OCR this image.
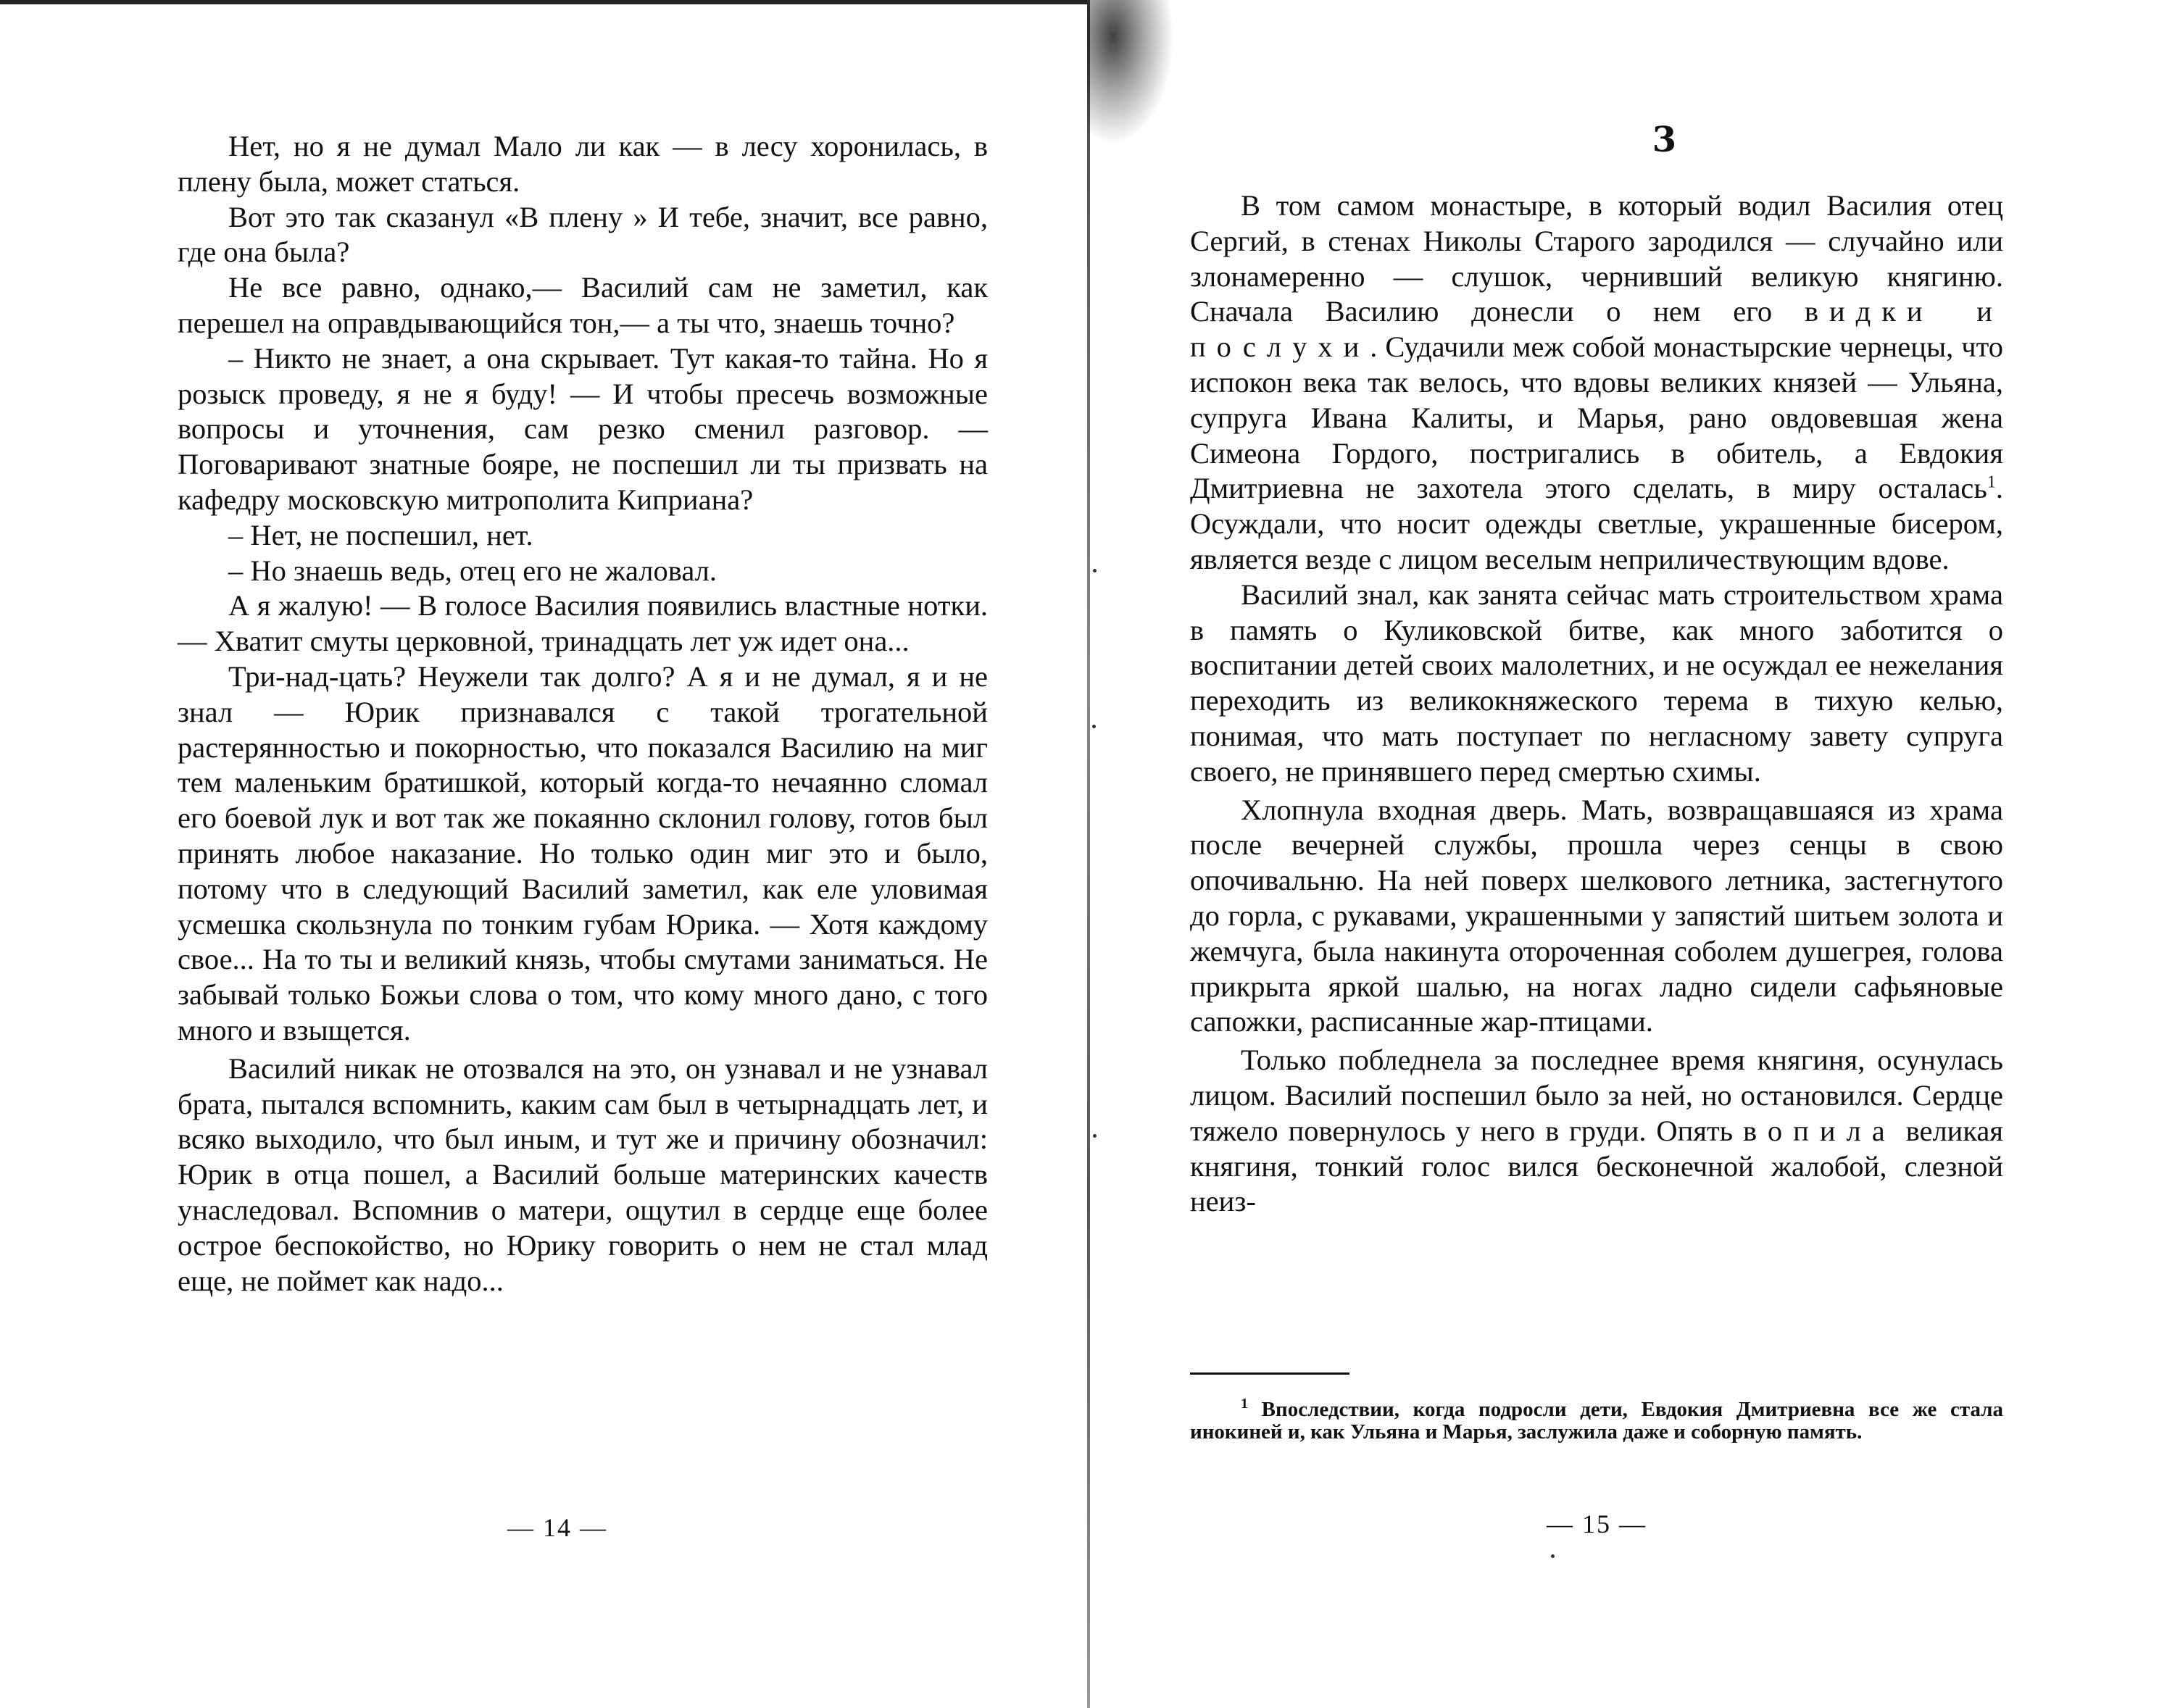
Нет, но я не думал Мало ли как — в лесу хоронилась, в плену была, может статься.

Вот это так сказанул «В плену » И тебе, значит, все равно, где она была?

Не все равно, однако,— Василий сам не заметил, как перешел на оправдывающийся тон,— а ты что, знаешь точно?

– Никто не знает, а она скрывает. Тут какая-то тайна. Но я розыск проведу, я не я буду! — И чтобы пресечь возможные вопросы и уточнения, сам резко сменил разговор. — Поговаривают знатные бояре, не поспешил ли ты призвать на кафедру московскую митрополита Киприана?

– Нет, не поспешил, нет.

– Но знаешь ведь, отец его не жаловал.

А я жалую! — В голосе Василия появились властные нотки.— Хватит смуты церковной, тринадцать лет уж идет она...

Три-над-цать? Неужели так долго? А я и не думал, я и не знал — Юрик признавался с такой трогательной растерянностью и покорностью, что показался Василию на миг тем маленьким братишкой, который когда-то нечаянно сломал его боевой лук и вот так же покаянно склонил голову, готов был принять любое наказание. Но только один миг это и было, потому что в следующий Василий заметил, как еле уловимая усмешка скользнула по тонким губам Юрика. — Хотя каждому свое... На то ты и великий князь, чтобы смутами заниматься. Не забывай только Божьи слова о том, что кому много дано, с того много и взыщется.

Василий никак не отозвался на это, он узнавал и не узнавал брата, пытался вспомнить, каким сам был в четырнадцать лет, и всяко выходило, что был иным, и тут же и причину обозначил: Юрик в отца пошел, а Василий больше материнских качеств унаследовал. Вспомнив о матери, ощутил в сердце еще более острое беспокойство, но Юрику говорить о нем не стал млад еще, не поймет как надо...

— 14 —
3

В том самом монастыре, в который водил Василия отец Сергий, в стенах Николы Старого зародился — случайно или злонамеренно — слушок, чернивший великую княгиню. Сначала Василию донесли о нем его видки и послухи. Судачили меж собой монастырские чернецы, что испокон века так велось, что вдовы великих князей — Ульяна, супруга Ивана Калиты, и Марья, рано овдовевшая жена Симеона Гордого, постригались в обитель, а Евдокия Дмитриевна не захотела этого сделать, в миру осталась$^1$. Осуждали, что носит одежды светлые, украшенные бисером, является везде с лицом веселым неприличествующим вдове.

Василий знал, как занята сейчас мать строительством храма в память о Куликовской битве, как много заботится о воспитании детей своих малолетних, и не осуждал ее нежелания переходить из великокняжеского терема в тихую келью, понимая, что мать поступает по негласному завету супруга своего, не принявшего перед смертью схимы.

Хлопнула входная дверь. Мать, возвращавшаяся из храма после вечерней службы, прошла через сенцы в свою опочивальню. На ней поверх шелкового летника, застегнутого до горла, с рукавами, украшенными у запястий шитьем золота и жемчуга, была накинута отороченная соболем душегрея, голова прикрыта яркой шалью, на ногах ладно сидели сафьяновые сапожки, расписанные жар-птицами.

Только побледнела за последнее время княгиня, осунулась лицом. Василий поспешил было за ней, но остановился. Сердце тяжело повернулось у него в груди. Опять вопила великая княгиня, тонкий голос вился бесконечной жалобой, слезной неиз-

$^1$ Впоследствии, когда подросли дети, Евдокия Дмитриевна все же стала инокиней и, как Ульяна и Марья, заслужила даже и соборную память.
— 15 —
